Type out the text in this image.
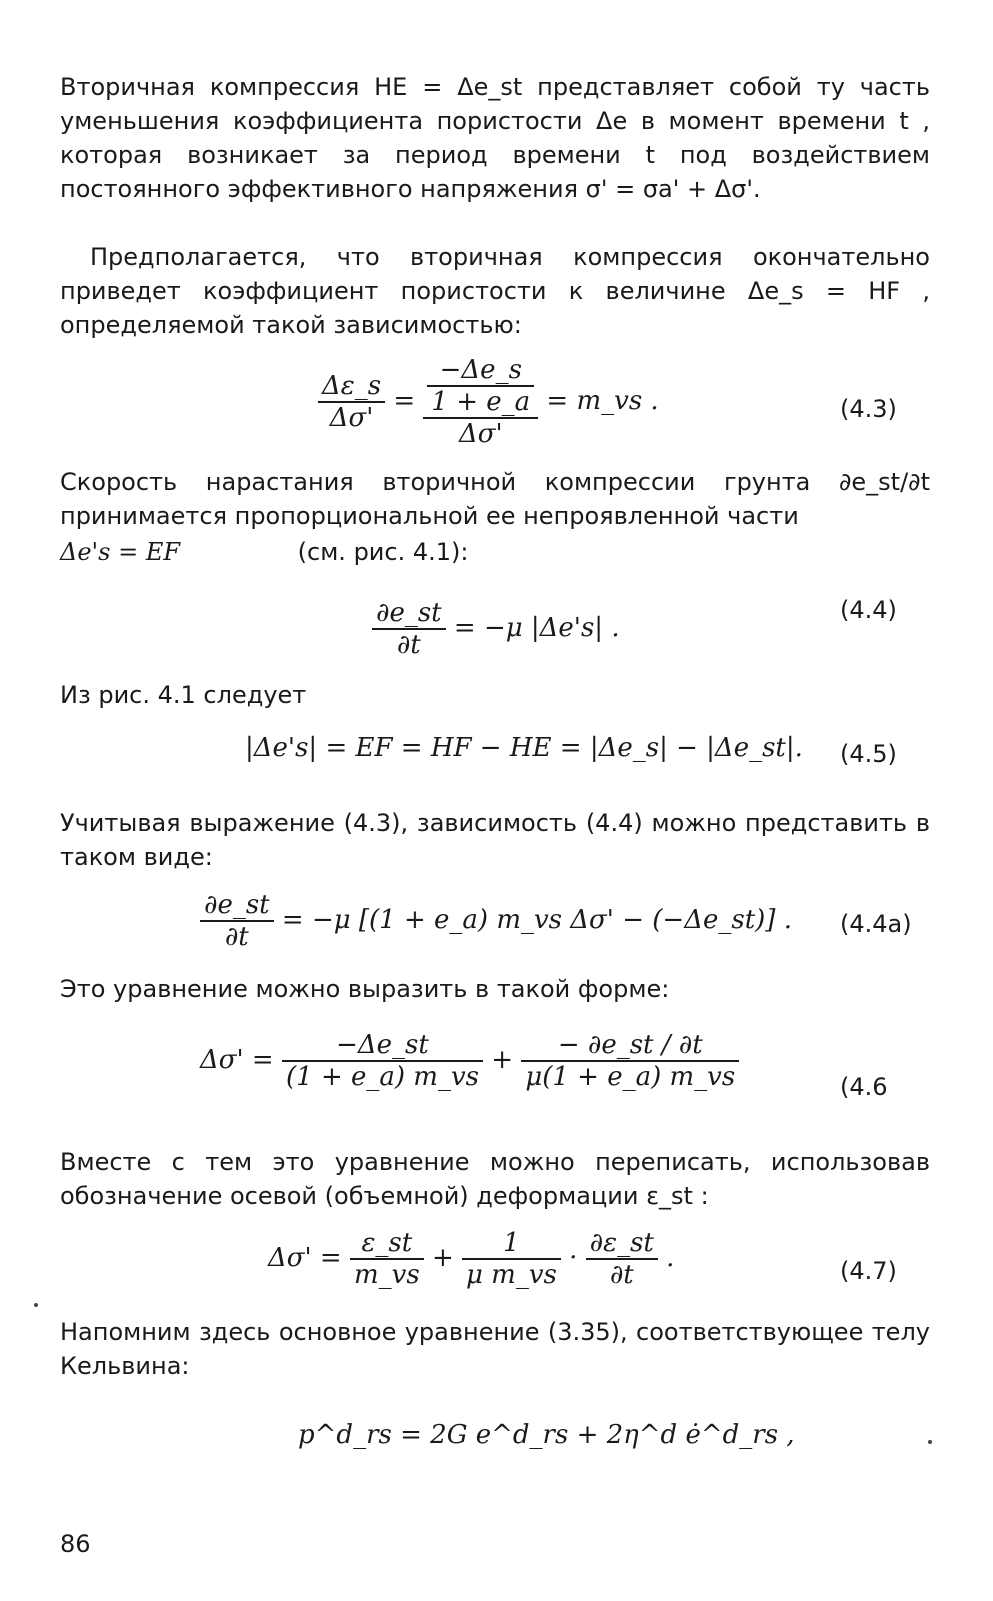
Вторичная компрессия HE = Δe_st представляет собой ту часть уменьшения коэффициента пористости Δe в момент времени t , которая возникает за период времени t под воздействием постоянного эффективного напряжения σ' = σa' + Δσ'.
Предполагается, что вторичная компрессия окончательно приведет коэффициент пористости к величине Δe_s = HF , определяемой такой зависимостью:
$\frac{\Delta\varepsilon\_s}{\Delta\sigma'} = \frac{\frac{-\Delta e\_s}{1 + e\_a}}{\Delta\sigma'}$ = m_vs .	(4.3)
Скорость нарастания вторичной компрессии грунта ∂e_st/∂t принимается пропорциональной ее непроявленной части
Δe's = EF	(см. рис. 4.1):
$\frac{\partial e\_st}{\partial t} = -\mu$ |Δe's| .
(4.4)
Из рис. 4.1 следует
|Δe's| = EF = HF − HE = |Δe_s| − |Δe_st|. (4.5)
Учитывая выражение (4.3), зависимость (4.4) можно представить в таком виде:
$\frac{\partial e\_st}{\partial t} = -\mu$ [(1 + e_a) m_vs Δσ' − (−Δe_st)] . (4.4a)
Это уравнение можно выразить в такой форме:
$\Delta\sigma' = \frac{-\Delta e\_st}{(1 + e\_a) m\_vs} + \frac{- \partial e\_st / \partial t}{\mu(1 + e\_a) m\_vs}$	(4.6
Вместе с тем это уравнение можно переписать, использовав обозначение осевой (объемной) деформации ε_st :
$\Delta\sigma' = \frac{\varepsilon\_st}{m\_vs} + \frac{1}{\text{μ m\_vs}} \cdot \frac{\partial\varepsilon\_st}{\partial t}$ .	(4.7)
Напомним здесь основное уравнение (3.35), соответствующее телу Кельвина:
p^d_rs = 2G e^d_rs + 2η^d ė^d_rs ,
86
